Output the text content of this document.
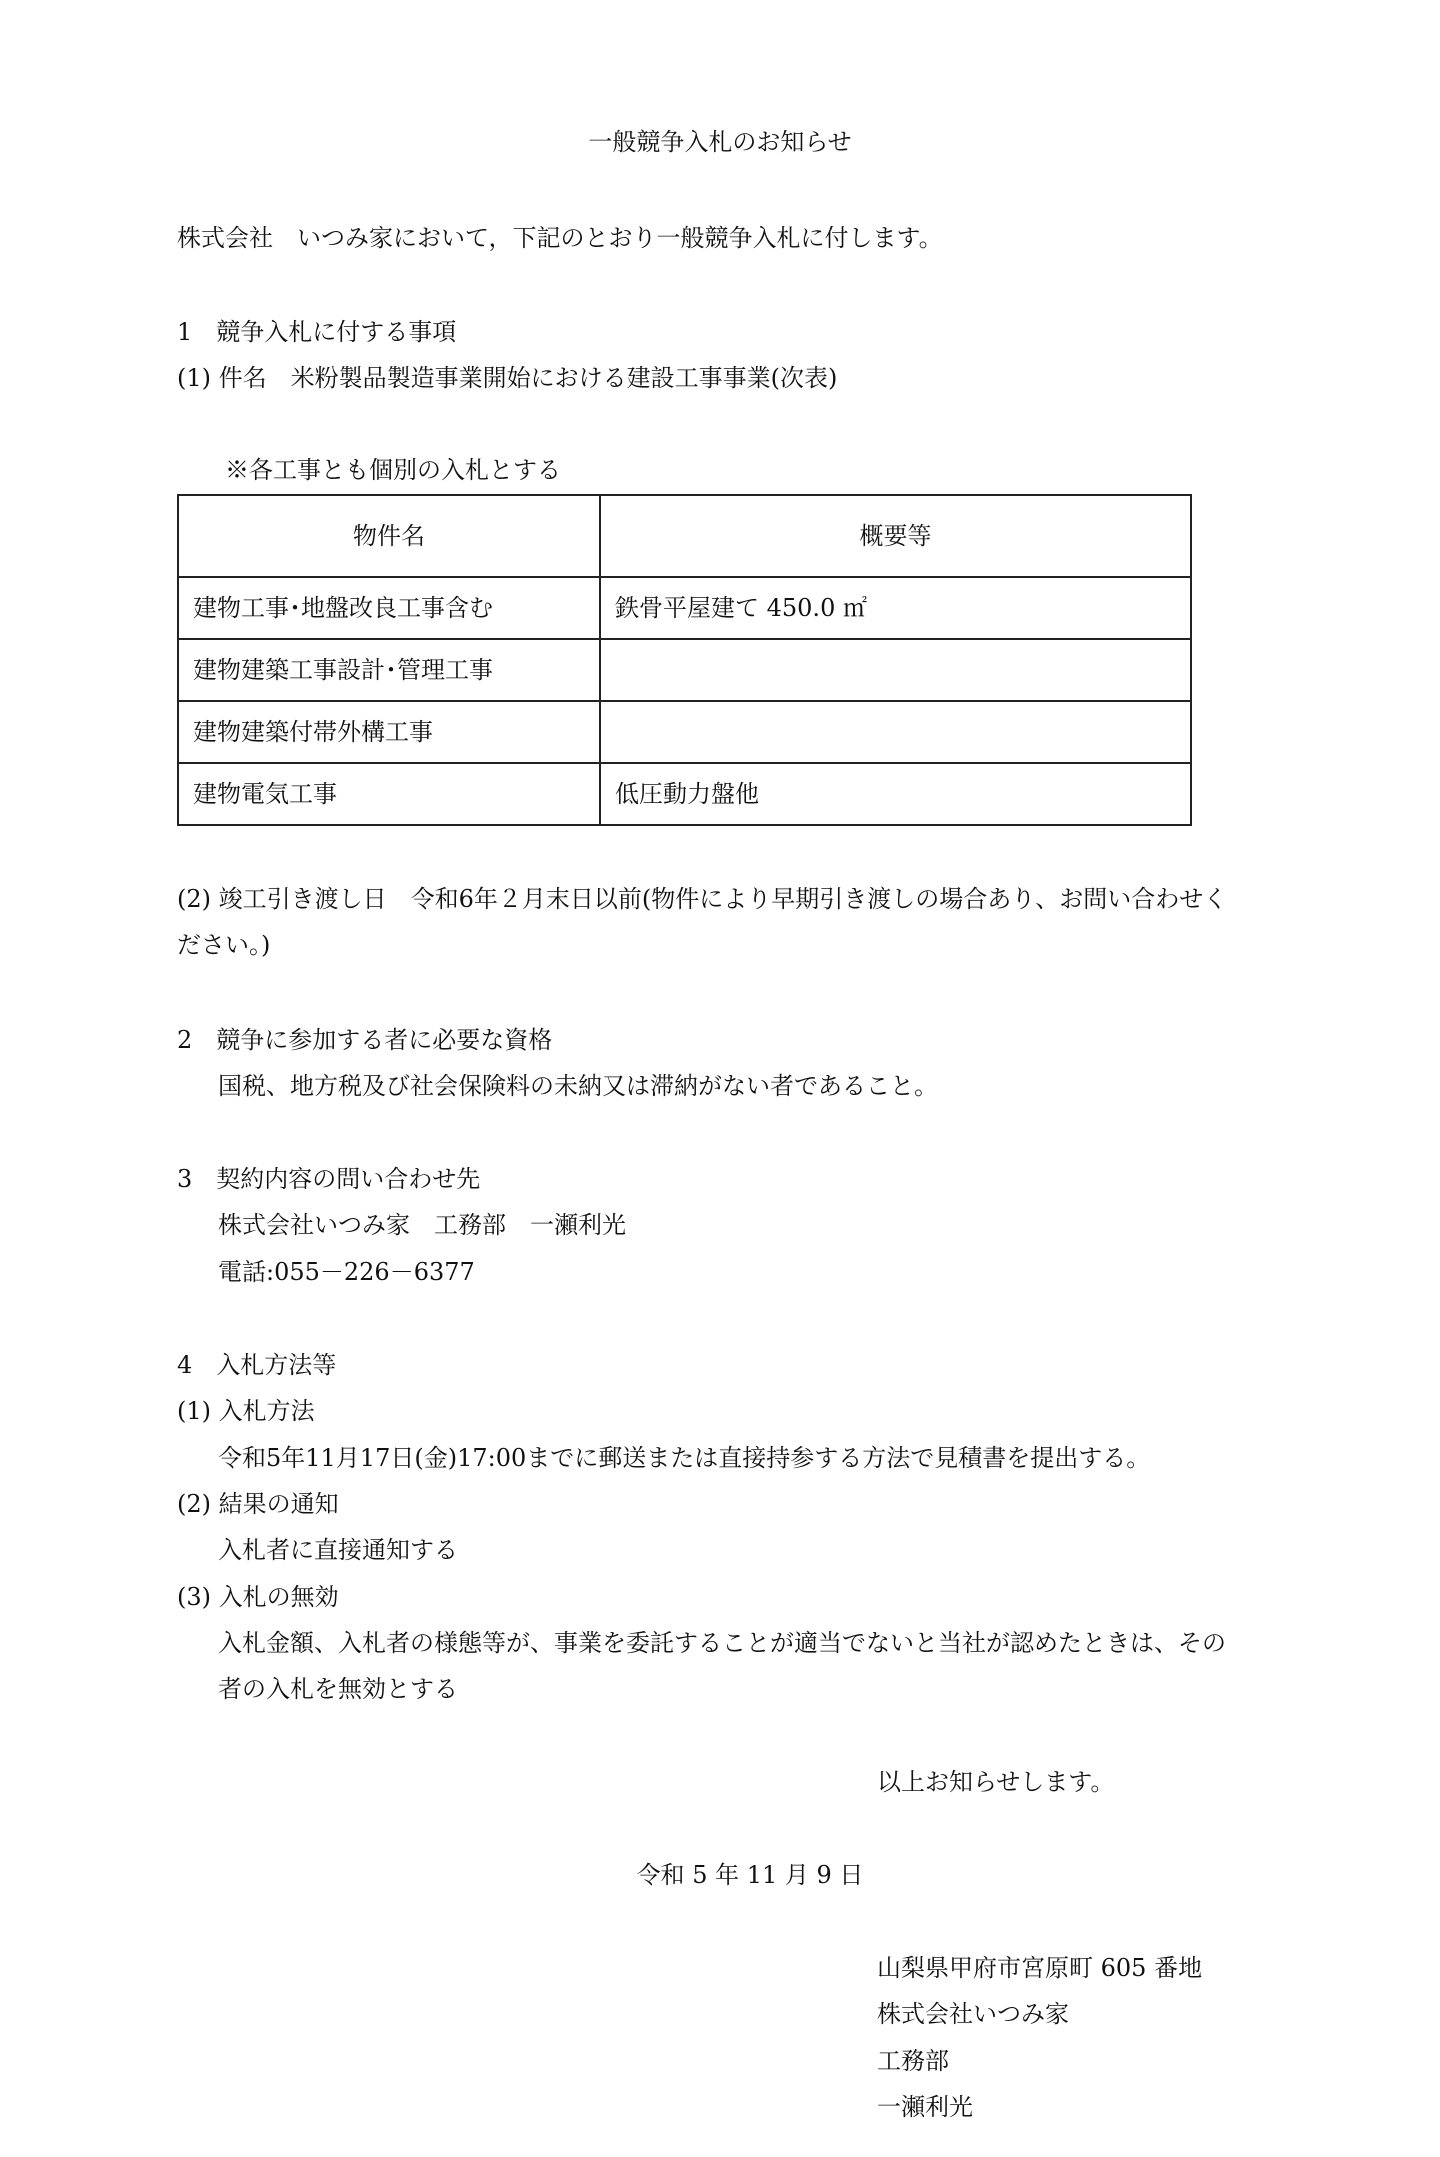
一般競争入札のお知らせ

株式会社　いつみ家において，下記のとおり一般競争入札に付します。

1　競争入札に付する事項

(1) 件名　米粉製品製造事業開始における建設工事事業(次表)

※各工事とも個別の入札とする

物件名	概要等
建物工事･地盤改良工事含む	鉄骨平屋建て 450.0 ㎡
建物建築工事設計･管理工事	
建物建築付帯外構工事	
建物電気工事	低圧動力盤他

(2) 竣工引き渡し日　令和6年２月末日以前(物件により早期引き渡しの場合あり、お問い合わせく

ださい。)

2　競争に参加する者に必要な資格

国税、地方税及び社会保険料の未納又は滞納がない者であること。

3　契約内容の問い合わせ先

株式会社いつみ家　工務部　一瀬利光

電話:055－226－6377

4　入札方法等

(1) 入札方法

令和5年11月17日(金)17:00までに郵送または直接持参する方法で見積書を提出する。

(2) 結果の通知

入札者に直接通知する

(3) 入札の無効

入札金額、入札者の様態等が、事業を委託することが適当でないと当社が認めたときは、その

者の入札を無効とする

以上お知らせします。

令和 5 年 11 月 9 日

山梨県甲府市宮原町 605 番地

株式会社いつみ家

工務部

一瀬利光
